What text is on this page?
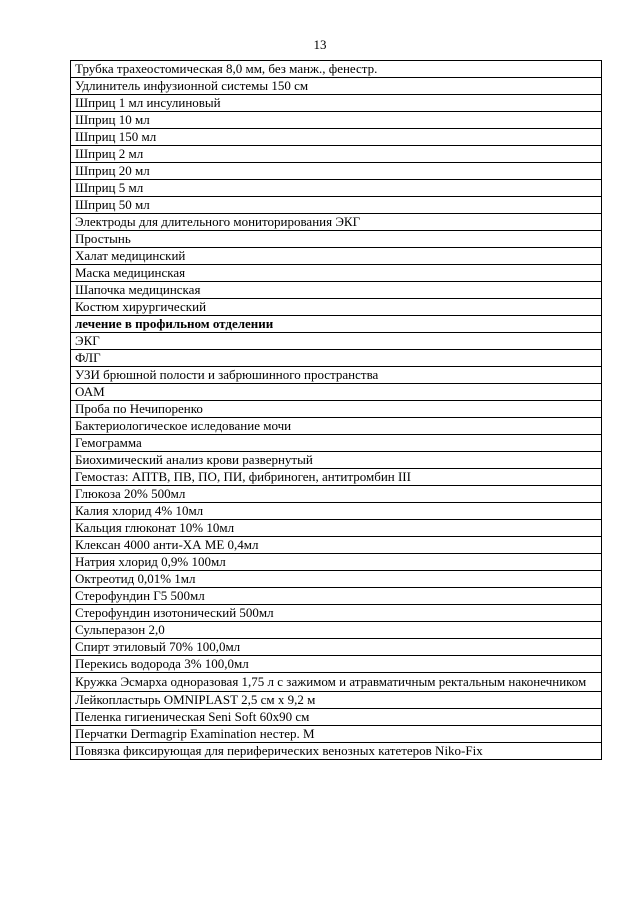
13
Трубка трахеостомическая 8,0 мм, без манж., фенестр.
Удлинитель инфузионной системы 150 см
Шприц 1 мл инсулиновый
Шприц 10 мл
Шприц 150 мл
Шприц 2 мл
Шприц 20 мл
Шприц 5 мл
Шприц 50 мл
Электроды для длительного мониторирования ЭКГ
Простынь
Халат медицинский
Маска медицинская
Шапочка медицинская
Костюм хирургический
лечение в профильном отделении
ЭКГ
ФЛГ
УЗИ брюшной полости и забрюшинного пространства
ОАМ
Проба по Нечипоренко
Бактериологическое иследование мочи
Гемограмма
Биохимический анализ крови развернутый
Гемостаз: АПТВ, ПВ, ПО, ПИ, фибриноген, антитромбин III
Глюкоза 20% 500мл
Калия хлорид 4% 10мл
Кальция глюконат 10% 10мл
Клексан 4000 анти-ХА МЕ 0,4мл
Натрия хлорид 0,9% 100мл
Октреотид 0,01% 1мл
Стерофундин Г5 500мл
Стерофундин изотонический 500мл
Сульперазон 2,0
Спирт этиловый 70% 100,0мл
Перекись водорода 3% 100,0мл
Кружка Эсмарха одноразовая 1,75 л с зажимом и атравматичным ректальным наконечником
Лейкопластырь OMNIPLAST 2,5 см х 9,2 м
Пеленка гигиеническая Seni Soft 60х90 см
Перчатки Dermagrip Examination нестер. M
Повязка фиксирующая для периферических венозных катетеров Niko-Fix
